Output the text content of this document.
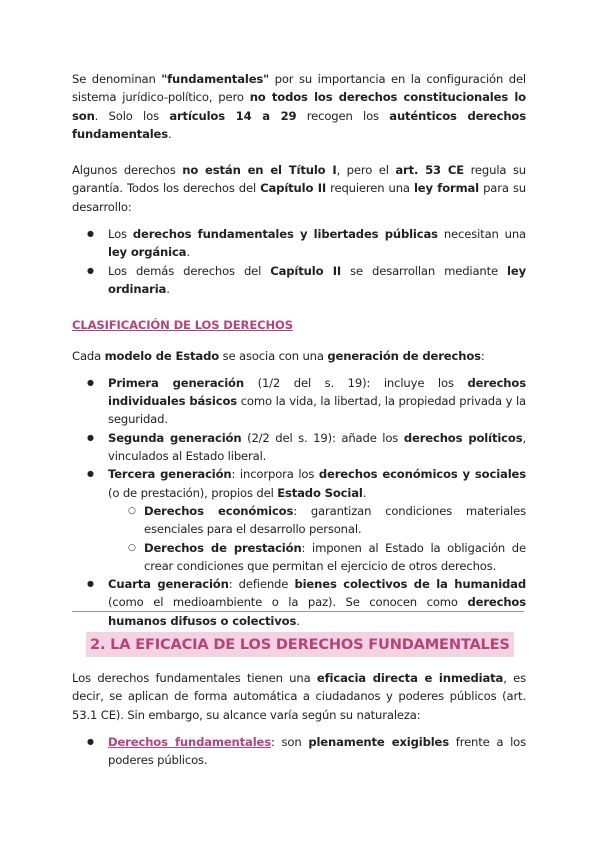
Se denominan "fundamentales" por su importancia en la configuración del sistema jurídico-político, pero no todos los derechos constitucionales lo son. Solo los artículos 14 a 29 recogen los auténticos derechos fundamentales.

Algunos derechos no están en el Título I, pero el art. 53 CE regula su garantía. Todos los derechos del Capítulo II requieren una ley formal para su desarrollo:

● Los derechos fundamentales y libertades públicas necesitan una ley orgánica.
● Los demás derechos del Capítulo II se desarrollan mediante ley ordinaria.

CLASIFICACIÓN DE LOS DERECHOS

Cada modelo de Estado se asocia con una generación de derechos:

● Primera generación (1/2 del s. 19): incluye los derechos individuales básicos como la vida, la libertad, la propiedad privada y la seguridad.
● Segunda generación (2/2 del s. 19): añade los derechos políticos, vinculados al Estado liberal.
● Tercera generación: incorpora los derechos económicos y sociales (o de prestación), propios del Estado Social.
○ Derechos económicos: garantizan condiciones materiales esenciales para el desarrollo personal.
○ Derechos de prestación: imponen al Estado la obligación de crear condiciones que permitan el ejercicio de otros derechos.
● Cuarta generación: defiende bienes colectivos de la humanidad (como el medioambiente o la paz). Se conocen como derechos humanos difusos o colectivos.
2. LA EFICACIA DE LOS DERECHOS FUNDAMENTALES

Los derechos fundamentales tienen una eficacia directa e inmediata, es decir, se aplican de forma automática a ciudadanos y poderes públicos (art. 53.1 CE). Sin embargo, su alcance varía según su naturaleza:

● Derechos fundamentales: son plenamente exigibles frente a los poderes públicos.
